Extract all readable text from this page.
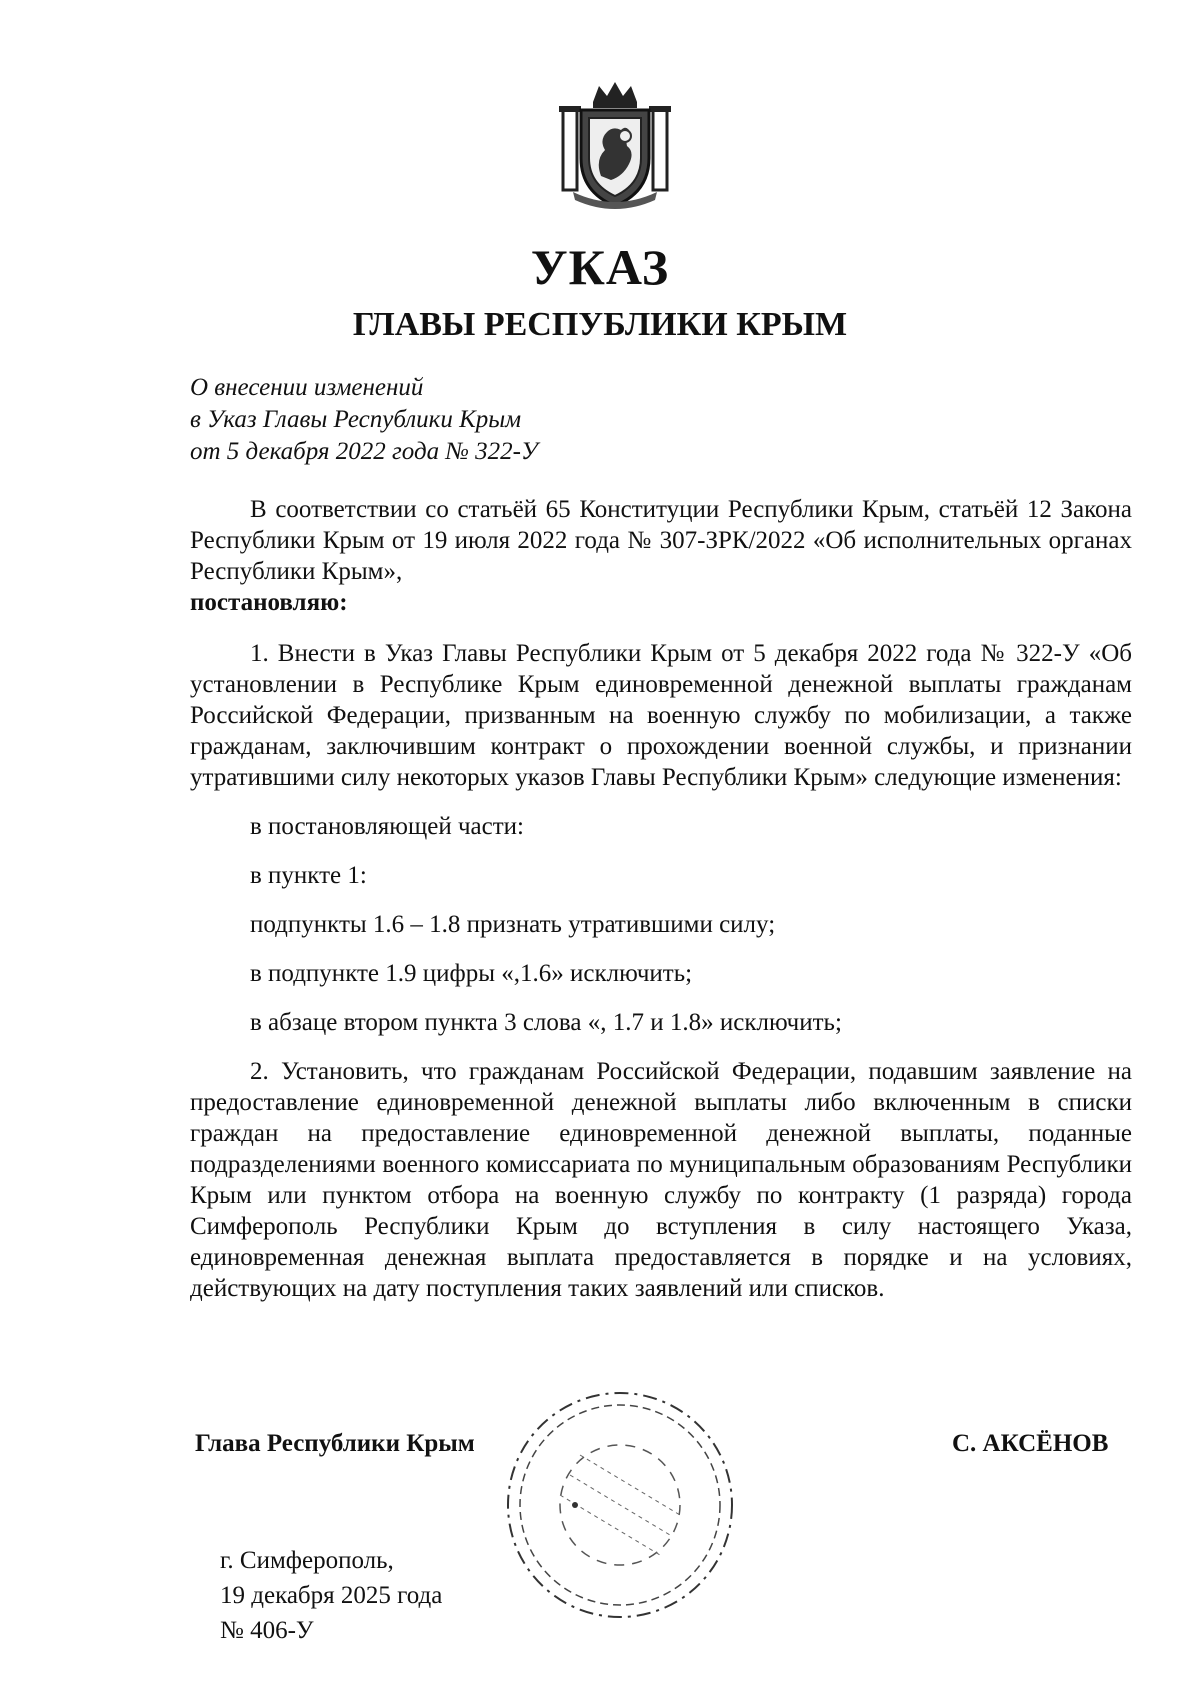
УКАЗ
ГЛАВЫ РЕСПУБЛИКИ КРЫМ
О внесении изменений
в Указ Главы Республики Крым
от 5 декабря 2022 года № 322-У

В соответствии со статьёй 65 Конституции Республики Крым, статьёй 12 Закона Республики Крым от 19 июля 2022 года № 307-ЗРК/2022 «Об исполнительных органах Республики Крым»,

постановляю:

1. Внести в Указ Главы Республики Крым от 5 декабря 2022 года № 322-У «Об установлении в Республике Крым единовременной денежной выплаты гражданам Российской Федерации, призванным на военную службу по мобилизации, а также гражданам, заключившим контракт о прохождении военной службы, и признании утратившими силу некоторых указов Главы Республики Крым» следующие изменения:

в постановляющей части:

в пункте 1:

подпункты 1.6 – 1.8 признать утратившими силу;

в подпункте 1.9 цифры «,1.6» исключить;

в абзаце втором пункта 3 слова «, 1.7 и 1.8» исключить;

2. Установить, что гражданам Российской Федерации, подавшим заявление на предоставление единовременной денежной выплаты либо включенным в списки граждан на предоставление единовременной денежной выплаты, поданные подразделениями военного комиссариата по муниципальным образованиям Республики Крым или пунктом отбора на военную службу по контракту (1 разряда) города Симферополь Республики Крым до вступления в силу настоящего Указа, единовременная денежная выплата предоставляется в порядке и на условиях, действующих на дату поступления таких заявлений или списков.

Глава Республики Крым	С. АКСЁНОВ
г. Симферополь,
19 декабря 2025 года
№ 406-У
